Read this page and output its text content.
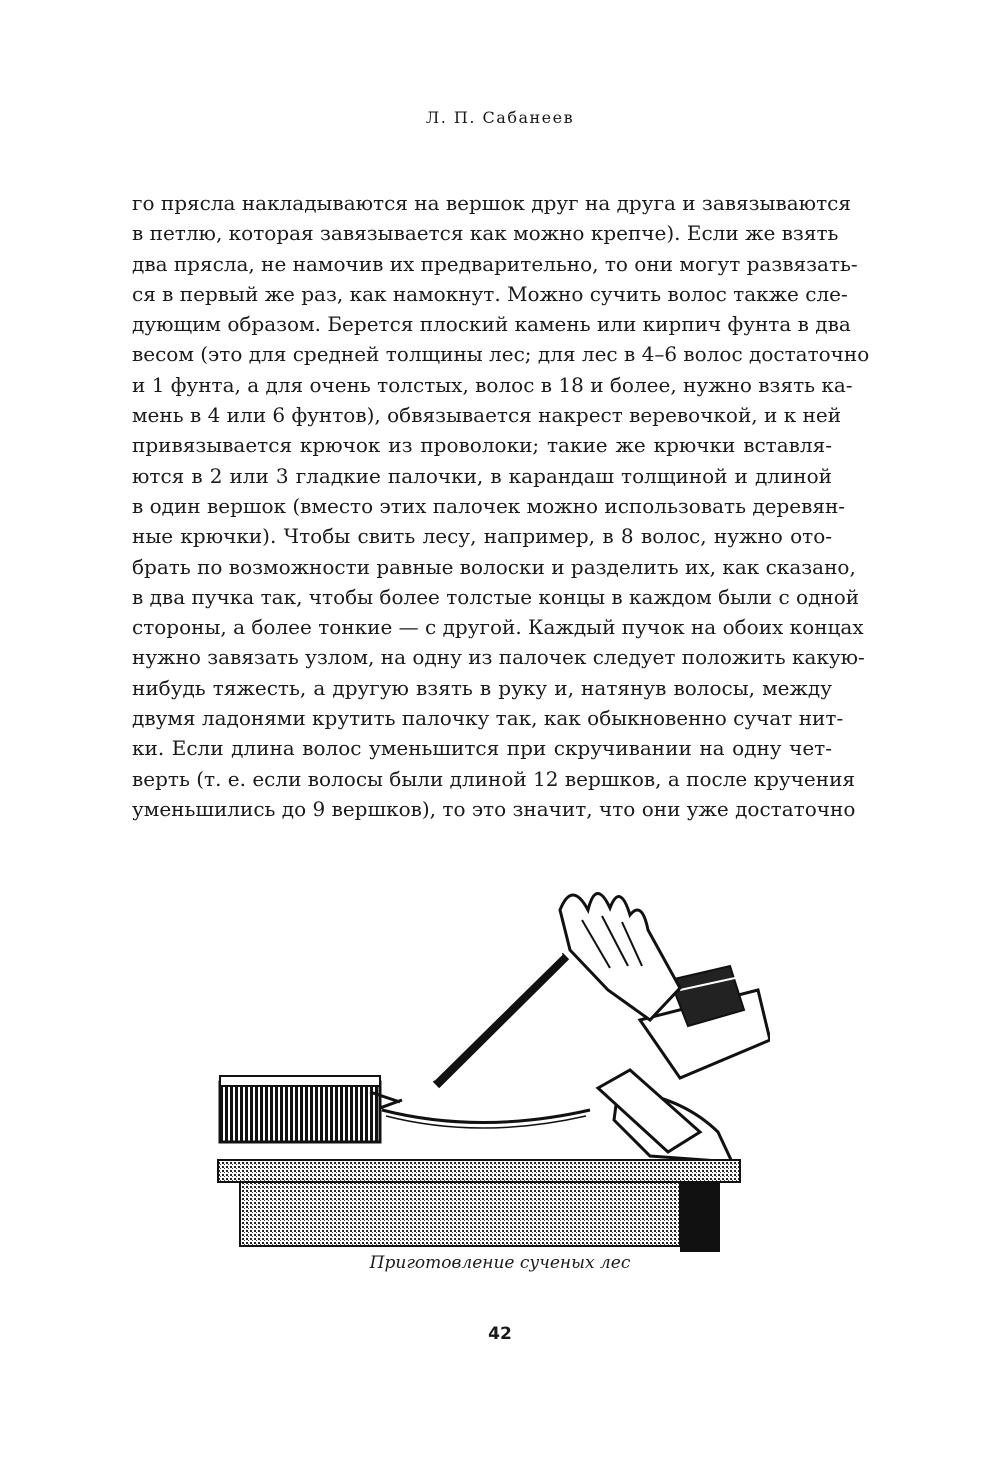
Л. П. Сабанеев
го прясла накладываются на вершок друг на друга и завязываются
в петлю, которая завязывается как можно крепче). Если же взять
два прясла, не намочив их предварительно, то они могут развязать-
ся в первый же раз, как намокнут. Можно сучить волос также сле-
дующим образом. Берется плоский камень или кирпич фунта в два
весом (это для средней толщины лес; для лес в 4–6 волос достаточно
и 1 фунта, а для очень толстых, волос в 18 и более, нужно взять ка-
мень в 4 или 6 фунтов), обвязывается накрест веревочкой, и к ней
привязывается крючок из проволоки; такие же крючки вставля-
ются в 2 или 3 гладкие палочки, в карандаш толщиной и длиной
в один вершок (вместо этих палочек можно использовать деревян-
ные крючки). Чтобы свить лесу, например, в 8 волос, нужно ото-
брать по возможности равные волоски и разделить их, как сказано,
в два пучка так, чтобы более толстые концы в каждом были с одной
стороны, а более тонкие — с другой. Каждый пучок на обоих концах
нужно завязать узлом, на одну из палочек следует положить какую-
нибудь тяжесть, а другую взять в руку и, натянув волосы, между
двумя ладонями крутить палочку так, как обыкновенно сучат нит-
ки. Если длина волос уменьшится при скручивании на одну чет-
верть (т. е. если волосы были длиной 12 вершков, а после кручения
уменьшились до 9 вершков), то это значит, что они уже достаточно
Приготовление сученых лес
42
